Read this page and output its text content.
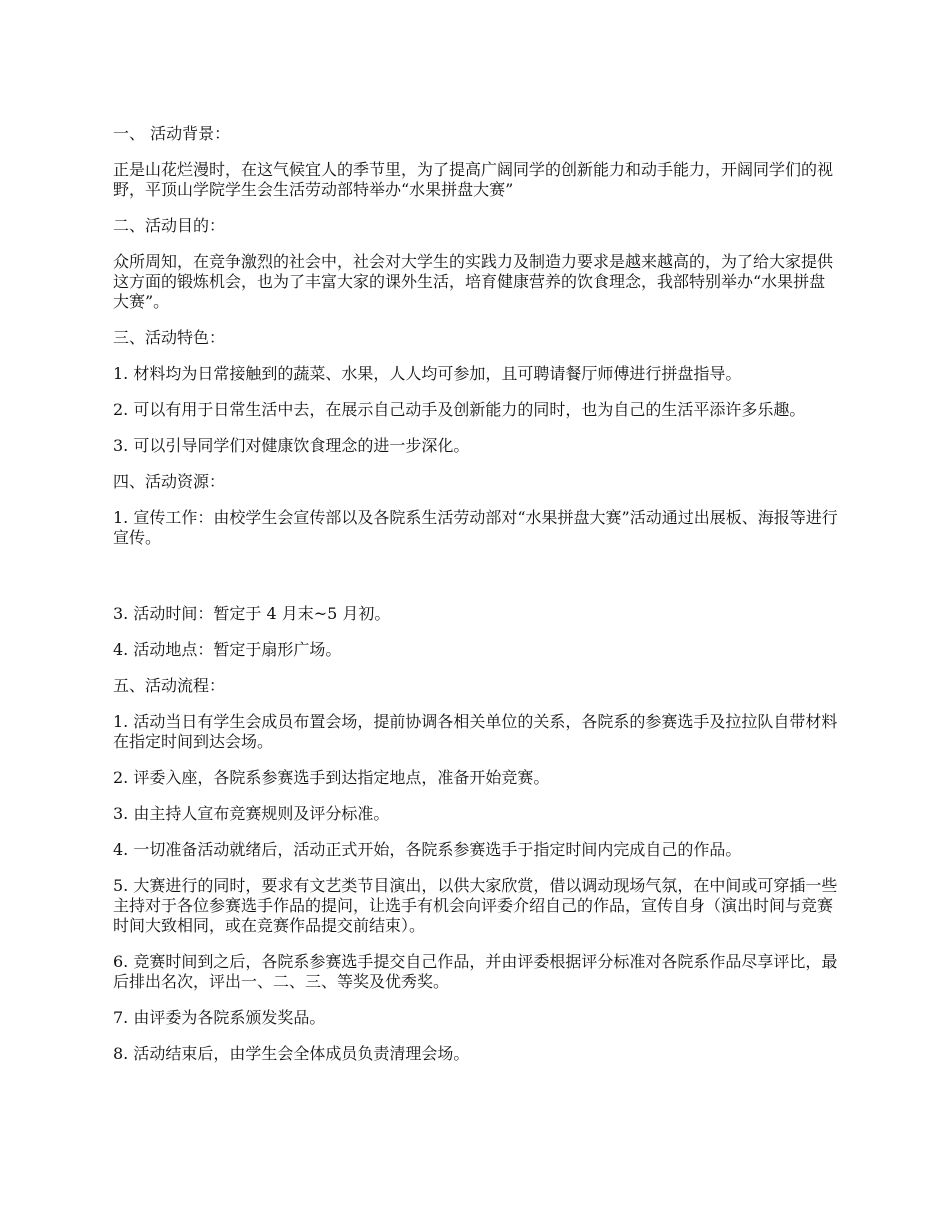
一、 活动背景：

正是山花烂漫时，在这气候宜人的季节里，为了提高广阔同学的创新能力和动手能力，开阔同学们的视野，平顶山学院学生会生活劳动部特举办“水果拼盘大赛”

二、活动目的：

众所周知，在竞争激烈的社会中，社会对大学生的实践力及制造力要求是越来越高的，为了给大家提供这方面的锻炼机会，也为了丰富大家的课外生活，培育健康营养的饮食理念，我部特别举办“水果拼盘大赛”。

三、活动特色：

1. 材料均为日常接触到的蔬菜、水果，人人均可参加，且可聘请餐厅师傅进行拼盘指导。

2. 可以有用于日常生活中去，在展示自己动手及创新能力的同时，也为自己的生活平添许多乐趣。

3. 可以引导同学们对健康饮食理念的进一步深化。

四、活动资源：

1. 宣传工作：由校学生会宣传部以及各院系生活劳动部对“水果拼盘大赛”活动通过出展板、海报等进行宣传。

3. 活动时间：暂定于 4 月末~5 月初。

4. 活动地点：暂定于扇形广场。

五、活动流程：

1. 活动当日有学生会成员布置会场，提前协调各相关单位的关系，各院系的参赛选手及拉拉队自带材料在指定时间到达会场。

2. 评委入座，各院系参赛选手到达指定地点，准备开始竞赛。

3. 由主持人宣布竞赛规则及评分标准。

4. 一切准备活动就绪后，活动正式开始，各院系参赛选手于指定时间内完成自己的作品。

5. 大赛进行的同时，要求有文艺类节目演出，以供大家欣赏，借以调动现场气氛，在中间或可穿插一些主持对于各位参赛选手作品的提问，让选手有机会向评委介绍自己的作品，宣传自身（演出时间与竞赛时间大致相同，或在竞赛作品提交前结束）。

6. 竞赛时间到之后，各院系参赛选手提交自己作品，并由评委根据评分标准对各院系作品尽享评比，最后排出名次，评出一、二、三、等奖及优秀奖。

7. 由评委为各院系颁发奖品。

8. 活动结束后，由学生会全体成员负责清理会场。
